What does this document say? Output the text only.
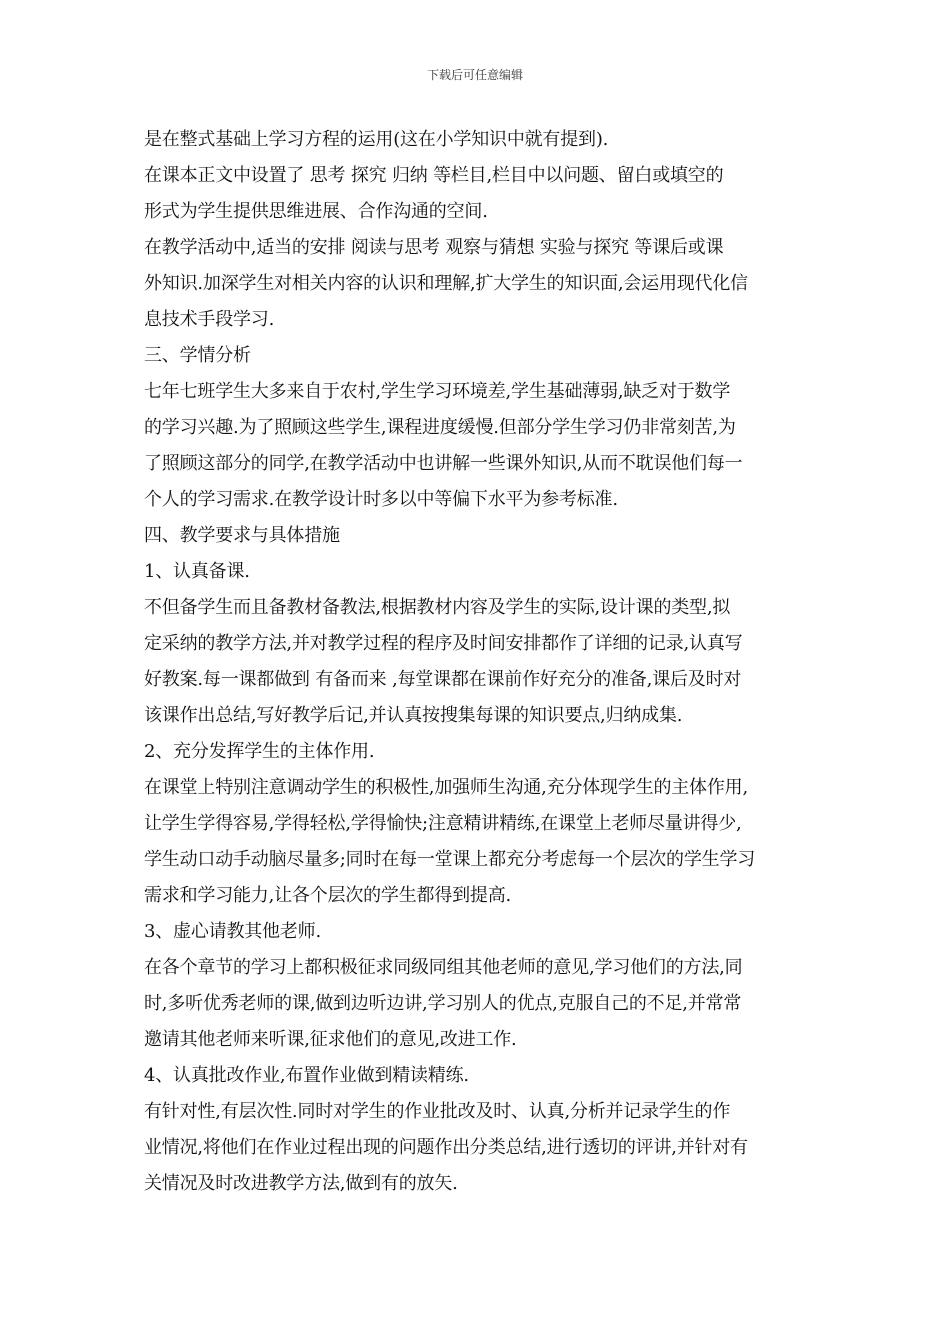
下载后可任意编辑
是在整式基础上学习方程的运用(这在小学知识中就有提到).
在课本正文中设置了 思考 探究 归纳 等栏目,栏目中以问题、留白或填空的
形式为学生提供思维进展、合作沟通的空间.
在教学活动中,适当的安排 阅读与思考 观察与猜想 实验与探究 等课后或课
外知识.加深学生对相关内容的认识和理解,扩大学生的知识面,会运用现代化信
息技术手段学习.
三、学情分析
七年七班学生大多来自于农村,学生学习环境差,学生基础薄弱,缺乏对于数学
的学习兴趣.为了照顾这些学生,课程进度缓慢.但部分学生学习仍非常刻苦,为
了照顾这部分的同学,在教学活动中也讲解一些课外知识,从而不耽误他们每一
个人的学习需求.在教学设计时多以中等偏下水平为参考标准.
四、教学要求与具体措施
1、认真备课.
不但备学生而且备教材备教法,根据教材内容及学生的实际,设计课的类型,拟
定采纳的教学方法,并对教学过程的程序及时间安排都作了详细的记录,认真写
好教案.每一课都做到 有备而来 ,每堂课都在课前作好充分的准备,课后及时对
该课作出总结,写好教学后记,并认真按搜集每课的知识要点,归纳成集.
2、充分发挥学生的主体作用.
在课堂上特别注意调动学生的积极性,加强师生沟通,充分体现学生的主体作用,
让学生学得容易,学得轻松,学得愉快;注意精讲精练,在课堂上老师尽量讲得少,
学生动口动手动脑尽量多;同时在每一堂课上都充分考虑每一个层次的学生学习
需求和学习能力,让各个层次的学生都得到提高.
3、虚心请教其他老师.
在各个章节的学习上都积极征求同级同组其他老师的意见,学习他们的方法,同
时,多听优秀老师的课,做到边听边讲,学习别人的优点,克服自己的不足,并常常
邀请其他老师来听课,征求他们的意见,改进工作.
4、认真批改作业,布置作业做到精读精练.
有针对性,有层次性.同时对学生的作业批改及时、认真,分析并记录学生的作
业情况,将他们在作业过程出现的问题作出分类总结,进行透切的评讲,并针对有
关情况及时改进教学方法,做到有的放矢.
